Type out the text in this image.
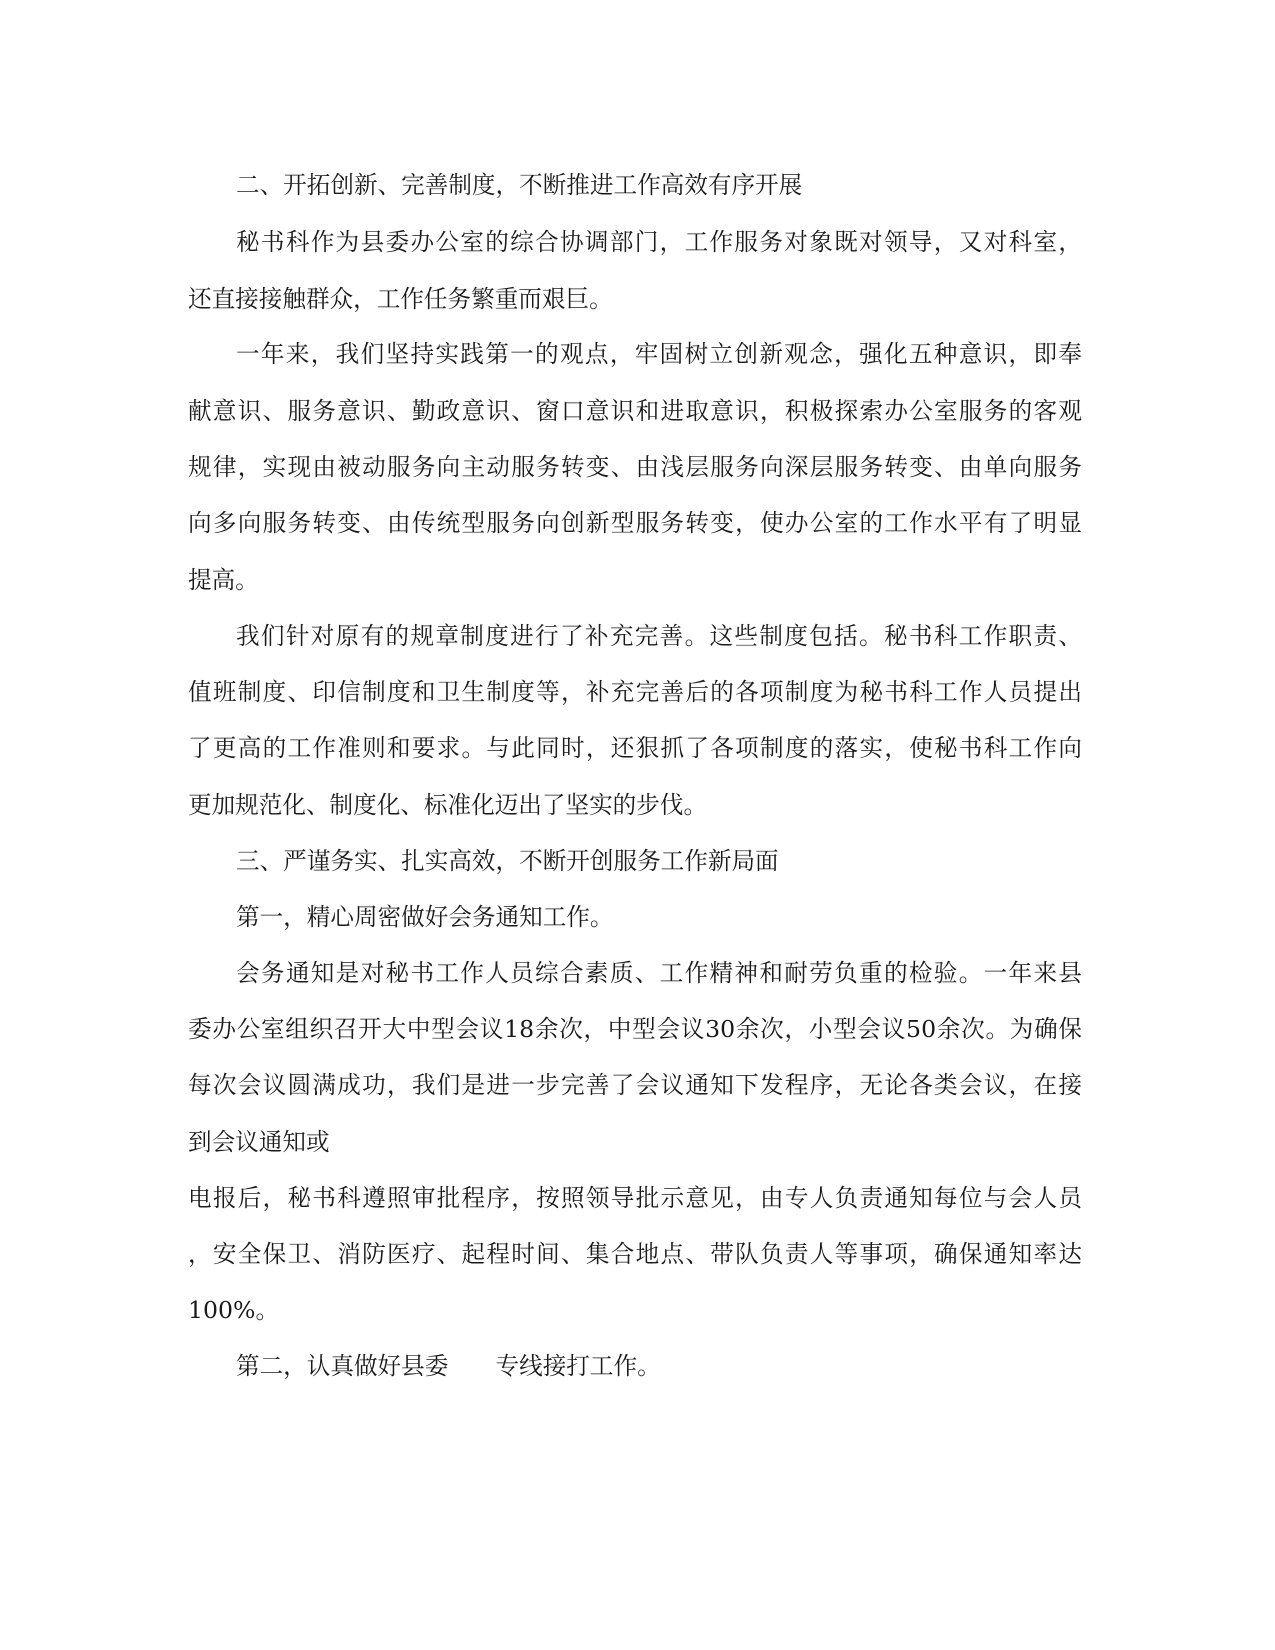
二、开拓创新、完善制度，不断推进工作高效有序开展

秘书科作为县委办公室的综合协调部门，工作服务对象既对领导，又对科室，

还直接接触群众，工作任务繁重而艰巨。

一年来，我们坚持实践第一的观点，牢固树立创新观念，强化五种意识，即奉

献意识、服务意识、勤政意识、窗口意识和进取意识，积极探索办公室服务的客观

规律，实现由被动服务向主动服务转变、由浅层服务向深层服务转变、由单向服务

向多向服务转变、由传统型服务向创新型服务转变，使办公室的工作水平有了明显

提高。

我们针对原有的规章制度进行了补充完善。这些制度包括。秘书科工作职责、

值班制度、印信制度和卫生制度等，补充完善后的各项制度为秘书科工作人员提出

了更高的工作准则和要求。与此同时，还狠抓了各项制度的落实，使秘书科工作向

更加规范化、制度化、标准化迈出了坚实的步伐。

三、严谨务实、扎实高效，不断开创服务工作新局面

第一，精心周密做好会务通知工作。

会务通知是对秘书工作人员综合素质、工作精神和耐劳负重的检验。一年来县

委办公室组织召开大中型会议18余次，中型会议30余次，小型会议50余次。为确保

每次会议圆满成功，我们是进一步完善了会议通知下发程序，无论各类会议，在接

到会议通知或

电报后，秘书科遵照审批程序，按照领导批示意见，由专人负责通知每位与会人员

，安全保卫、消防医疗、起程时间、集合地点、带队负责人等事项，确保通知率达

100%。

第二，认真做好县委　　专线接打工作。
